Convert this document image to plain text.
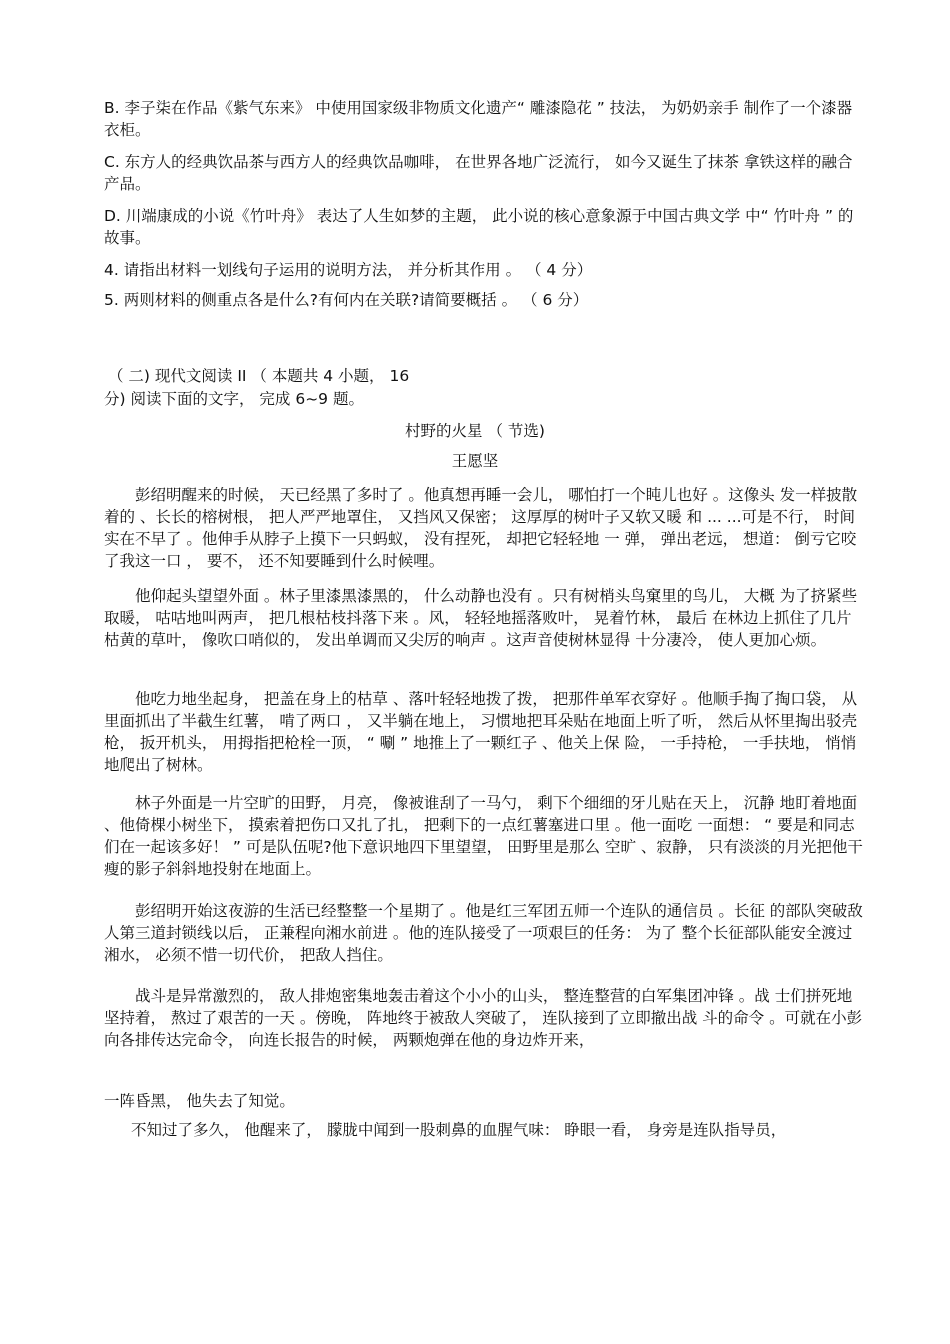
B. 李子柒在作品《紫气东来》 中使用国家级非物质文化遗产“ 雕漆隐花 ” 技法， 为奶奶亲手 制作了一个漆器衣柜。

C. 东方人的经典饮品茶与西方人的经典饮品咖啡， 在世界各地广泛流行， 如今又诞生了抹茶 拿铁这样的融合产品。

D. 川端康成的小说《竹叶舟》 表达了人生如梦的主题， 此小说的核心意象源于中国古典文学 中“ 竹叶舟 ” 的故事。

4. 请指出材料一划线句子运用的说明方法， 并分析其作用 。 （ 4 分）

5. 两则材料的侧重点各是什么?有何内在关联?请简要概括 。 （ 6 分）

（ 二) 现代文阅读 II （ 本题共 4 小题， 16

分) 阅读下面的文字， 完成 6~9 题。

村野的火星 （ 节选)

王愿坚

彭绍明醒来的时候， 天已经黑了多时了 。他真想再睡一会儿， 哪怕打一个盹儿也好 。这像头 发一样披散着的 、长长的榕树根， 把人严严地罩住， 又挡风又保密； 这厚厚的树叶子又软又暖 和 ... ...可是不行， 时间实在不早了 。他伸手从脖子上摸下一只蚂蚁， 没有捏死， 却把它轻轻地 一 弹， 弹出老远， 想道： 倒亏它咬了我这一口 ， 要不， 还不知要睡到什么时候哩。

他仰起头望望外面 。林子里漆黑漆黑的， 什么动静也没有 。只有树梢头鸟窠里的鸟儿， 大概 为了挤紧些取暖， 咕咕地叫两声， 把几根枯枝抖落下来 。风， 轻轻地摇落败叶， 晃着竹林， 最后 在林边上抓住了几片枯黄的草叶， 像吹口哨似的， 发出单调而又尖厉的响声 。这声音使树林显得 十分凄冷， 使人更加心烦。

他吃力地坐起身， 把盖在身上的枯草 、落叶轻轻地拨了拨， 把那件单军衣穿好 。他顺手掏了掏口袋， 从里面抓出了半截生红薯， 啃了两口 ， 又半躺在地上， 习惯地把耳朵贴在地面上听了听， 然后从怀里掏出驳壳枪， 扳开机头， 用拇指把枪栓一顶， “ 唰 ” 地推上了一颗红子 、他关上保 险， 一手持枪， 一手扶地， 悄悄地爬出了树林。

林子外面是一片空旷的田野， 月亮， 像被谁刮了一马勺， 剩下个细细的牙儿贴在天上， 沉静 地盯着地面 、他倚棵小树坐下， 摸索着把伤口又扎了扎， 把剩下的一点红薯塞进口里 。他一面吃 一面想： “ 要是和同志们在一起该多好！ ” 可是队伍呢?他下意识地四下里望望， 田野里是那么 空旷 、寂静， 只有淡淡的月光把他干瘦的影子斜斜地投射在地面上。

彭绍明开始这夜游的生活已经整整一个星期了 。他是红三军团五师一个连队的通信员 。长征 的部队突破敌人第三道封锁线以后， 正兼程向湘水前进 。他的连队接受了一项艰巨的任务： 为了 整个长征部队能安全渡过湘水， 必须不惜一切代价， 把敌人挡住。

战斗是异常激烈的， 敌人排炮密集地轰击着这个小小的山头， 整连整营的白军集团冲锋 。战 士们拼死地坚持着， 熬过了艰苦的一天 。傍晚， 阵地终于被敌人突破了， 连队接到了立即撤出战 斗的命令 。可就在小彭向各排传达完命令， 向连长报告的时候， 两颗炮弹在他的身边炸开来，

一阵昏黑， 他失去了知觉。

不知过了多久， 他醒来了， 朦胧中闻到一股刺鼻的血腥气味： 睁眼一看， 身旁是连队指导员，
